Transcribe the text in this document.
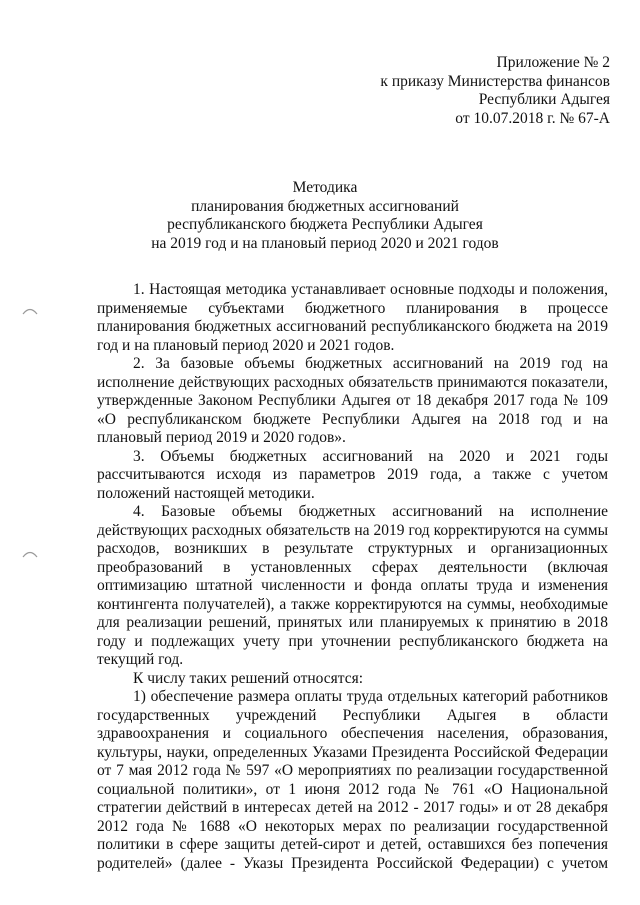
Приложение № 2
к приказу Министерства финансов
Республики Адыгея
от 10.07.2018 г. № 67-А
Методика
планирования бюджетных ассигнований
республиканского бюджета Республики Адыгея
на 2019 год и на плановый период 2020 и 2021 годов

1. Настоящая методика устанавливает основные подходы и положения, применяемые субъектами бюджетного планирования в процессе планирования бюджетных ассигнований республиканского бюджета на 2019 год и на плановый период 2020 и 2021 годов.

2. За базовые объемы бюджетных ассигнований на 2019 год на исполнение действующих расходных обязательств принимаются показатели, утвержденные Законом Республики Адыгея от 18 декабря 2017 года № 109 «О республиканском бюджете Республики Адыгея на 2018 год и на плановый период 2019 и 2020 годов».

3. Объемы бюджетных ассигнований на 2020 и 2021 годы рассчитываются исходя из параметров 2019 года, а также с учетом положений настоящей методики.

4. Базовые объемы бюджетных ассигнований на исполнение действующих расходных обязательств на 2019 год корректируются на суммы расходов, возникших в результате структурных и организационных преобразований в установленных сферах деятельности (включая оптимизацию штатной численности и фонда оплаты труда и изменения контингента получателей), а также корректируются на суммы, необходимые для реализации решений, принятых или планируемых к принятию в 2018 году и подлежащих учету при уточнении республиканского бюджета на текущий год.

К числу таких решений относятся:

1) обеспечение размера оплаты труда отдельных категорий работников государственных учреждений Республики Адыгея в области здравоохранения и социального обеспечения населения, образования, культуры, науки, определенных Указами Президента Российской Федерации от 7 мая 2012 года № 597 «О мероприятиях по реализации государственной социальной политики», от 1 июня 2012 года № 761 «О Национальной стратегии действий в интересах детей на 2012 - 2017 годы» и от 28 декабря 2012 года № 1688 «О некоторых мерах по реализации государственной политики в сфере защиты детей-сирот и детей, оставшихся без попечения родителей» (далее - Указы Президента Российской Федерации) с учетом
